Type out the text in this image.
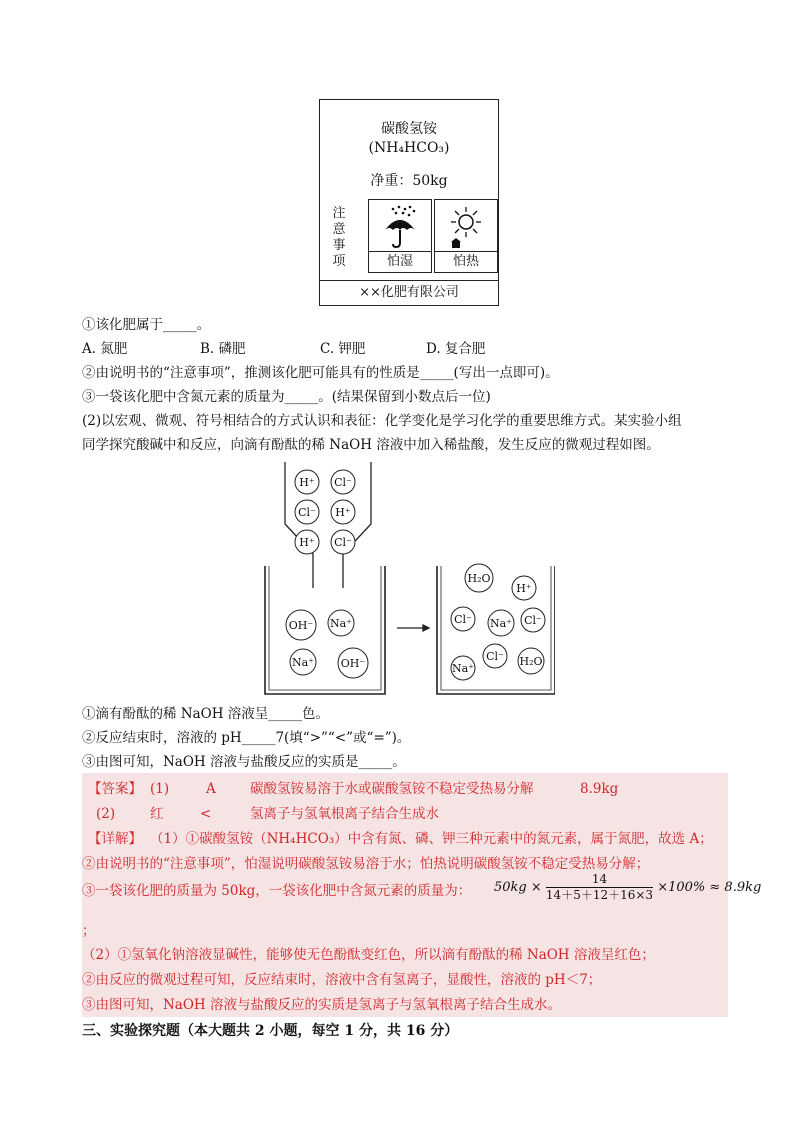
碳酸氢铵
(NH₄HCO₃)
净重：50kg
怕湿	怕热
××化肥有限公司
注
意
事
项
①该化肥属于_____。
A. 氮肥	B. 磷肥	C. 钾肥	D. 复合肥
②由说明书的“注意事项”，推测该化肥可能具有的性质是_____(写出一点即可)。
③一袋该化肥中含氮元素的质量为_____。(结果保留到小数点后一位)
(2)以宏观、微观、符号相结合的方式认识和表征：化学变化是学习化学的重要思维方式。某实验小组
同学探究酸碱中和反应，向滴有酚酞的稀 NaOH 溶液中加入稀盐酸，发生反应的微观过程如图。
H⁺ Cl⁻
Cl⁻ H⁺
H⁺ Cl⁻
OH⁻ Na⁺
Na⁺ OH⁻
H₂O
H⁺
Cl⁻ Na⁺ Cl⁻
Cl⁻
Na⁺
H₂O
①滴有酚酞的稀 NaOH 溶液呈_____色。
②反应结束时，溶液的 pH_____7(填“>”“<”或“=”)。
③由图可知，NaOH 溶液与盐酸反应的实质是_____。
【答案】 (1)	A	碳酸氢铵易溶于水或碳酸氢铵不稳定受热易分解	8.9kg
(2)	红	<	氢离子与氢氧根离子结合生成水
【详解】 （1）①碳酸氢铵（NH₄HCO₃）中含有氮、磷、钾三种元素中的氮元素，属于氮肥，故选 A；
②由说明书的“注意事项”，怕湿说明碳酸氢铵易溶于水；怕热说明碳酸氢铵不稳定受热易分解；
③一袋该化肥的质量为 50kg，一袋该化肥中含氮元素的质量为： $50kg \times \frac{14}{14+5+12+16\times 3} \times 100\% \approx 8.9kg$
；
（2）①氢氧化钠溶液显碱性，能够使无色酚酞变红色，所以滴有酚酞的稀 NaOH 溶液呈红色；
②由反应的微观过程可知，反应结束时，溶液中含有氢离子，显酸性，溶液的 pH＜7；
③由图可知，NaOH 溶液与盐酸反应的实质是氢离子与氢氧根离子结合生成水。
三、实验探究题（本大题共 2 小题，每空 1 分，共 16 分）
